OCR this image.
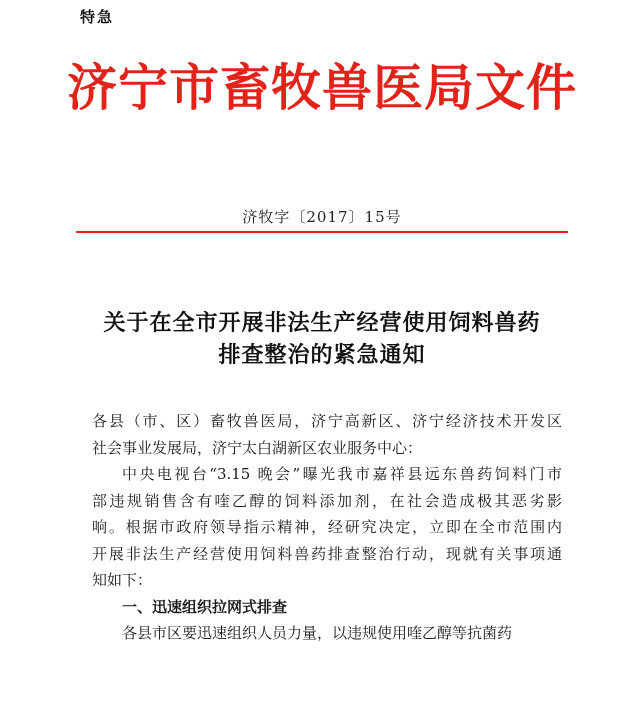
特急
济宁市畜牧兽医局文件
济牧字〔2017〕15号
关于在全市开展非法生产经营使用饲料兽药
排查整治的紧急通知
各县（市、区）畜牧兽医局，济宁高新区、济宁经济技术开发区
社会事业发展局，济宁太白湖新区农业服务中心：
中央电视台“3.15 晚会”曝光我市嘉祥县远东兽药饲料门市
部违规销售含有喹乙醇的饲料添加剂，在社会造成极其恶劣影
响。根据市政府领导指示精神，经研究决定，立即在全市范围内
开展非法生产经营使用饲料兽药排查整治行动，现就有关事项通
知如下：
一、迅速组织拉网式排查
各县市区要迅速组织人员力量，以违规使用喹乙醇等抗菌药
